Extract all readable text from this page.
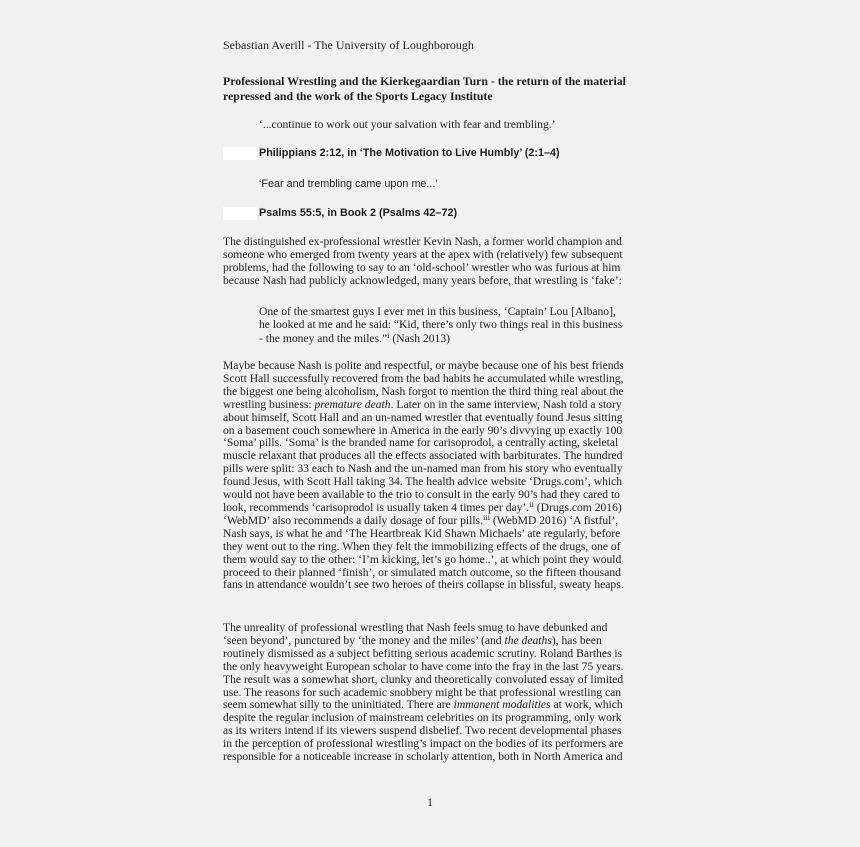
Sebastian Averill - The University of Loughborough
Professional Wrestling and the Kierkegaardian Turn - the return of the material
repressed and the work of the Sports Legacy Institute
‘...continue to work out your salvation with fear and trembling.’
Philippians 2:12, in ‘The Motivation to Live Humbly’ (2:1–4)
‘Fear and trembling came upon me...’
Psalms 55:5, in Book 2 (Psalms 42–72)
The distinguished ex-professional wrestler Kevin Nash, a former world champion and
someone who emerged from twenty years at the apex with (relatively) few subsequent
problems, had the following to say to an ‘old-school’ wrestler who was furious at him
because Nash had publicly acknowledged, many years before, that wrestling is ‘fake’:
One of the smartest guys I ever met in this business, ‘Captain’ Lou [Albano],
he looked at me and he said: “Kid, there’s only two things real in this business
- the money and the miles.”ⁱ (Nash 2013)
Maybe because Nash is polite and respectful, or maybe because one of his best friends
Scott Hall successfully recovered from the bad habits he accumulated while wrestling,
the biggest one being alcoholism, Nash forgot to mention the third thing real about the
wrestling business: premature death. Later on in the same interview, Nash told a story
about himself, Scott Hall and an un-named wrestler that eventually found Jesus sitting
on a basement couch somewhere in America in the early 90’s divvying up exactly 100
‘Soma’ pills. ‘Soma’ is the branded name for carisoprodol, a centrally acting, skeletal
muscle relaxant that produces all the effects associated with barbiturates. The hundred
pills were split: 33 each to Nash and the un-named man from his story who eventually
found Jesus, with Scott Hall taking 34. The health advice website ‘Drugs.com’, which
would not have been available to the trio to consult in the early 90’s had they cared to
look, recommends ‘carisoprodol is usually taken 4 times per day’.ⁱⁱ (Drugs.com 2016)
‘WebMD’ also recommends a daily dosage of four pills.ⁱⁱⁱ (WebMD 2016) ‘A fistful’,
Nash says, is what he and ‘The Heartbreak Kid Shawn Michaels’ ate regularly, before
they went out to the ring. When they felt the immobilizing effects of the drugs, one of
them would say to the other: ‘I’m kicking, let’s go home..’, at which point they would
proceed to their planned ‘finish’, or simulated match outcome, so the fifteen thousand
fans in attendance wouldn’t see two heroes of theirs collapse in blissful, sweaty heaps.
The unreality of professional wrestling that Nash feels smug to have debunked and
‘seen beyond’, punctured by ‘the money and the miles’ (and the deaths), has been
routinely dismissed as a subject befitting serious academic scrutiny. Roland Barthes is
the only heavyweight European scholar to have come into the fray in the last 75 years.
The result was a somewhat short, clunky and theoretically convoluted essay of limited
use. The reasons for such academic snobbery might be that professional wrestling can
seem somewhat silly to the uninitiated. There are immanent modalities at work, which
despite the regular inclusion of mainstream celebrities on its programming, only work
as its writers intend if its viewers suspend disbelief. Two recent developmental phases
in the perception of professional wrestling’s impact on the bodies of its performers are
responsible for a noticeable increase in scholarly attention, both in North America and
1
